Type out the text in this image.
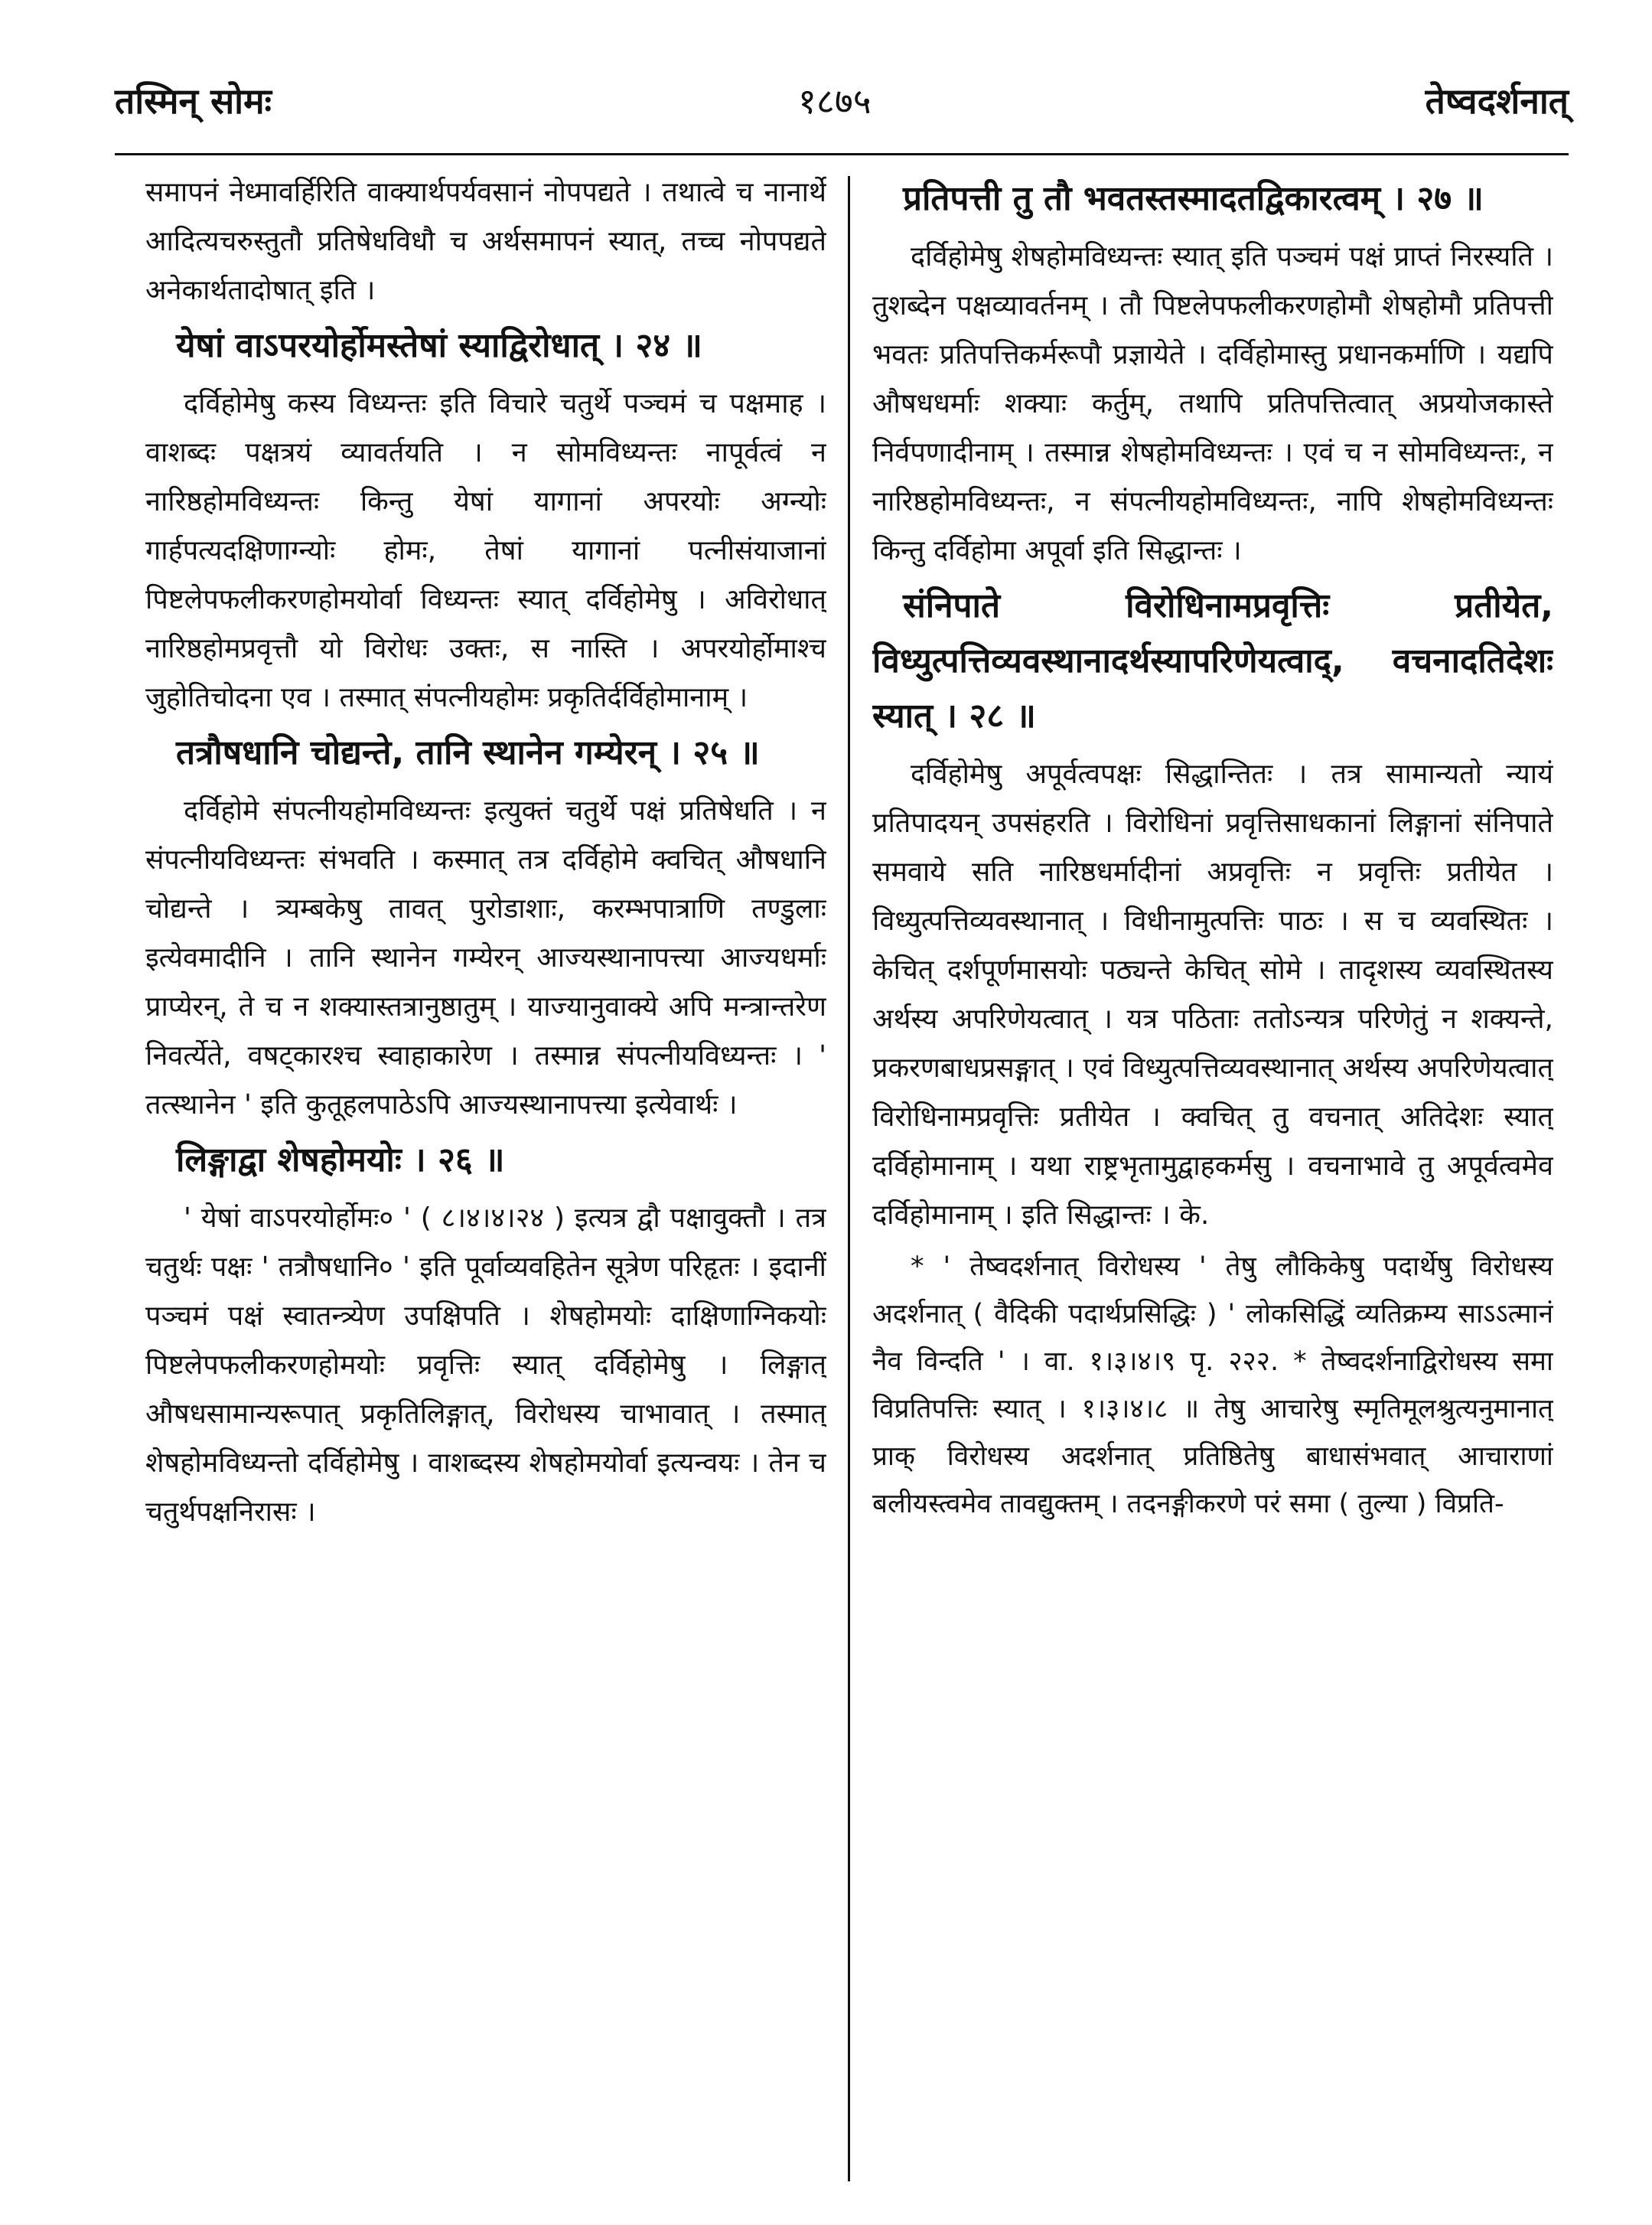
तस्मिन् सोमः	१८७५	तेष्वदर्शनात्

समापनं नेध्मावर्हिरिति वाक्यार्थपर्यवसानं नोपपद्यते । तथात्वे च नानार्थे आदित्यचरुस्तुतौ प्रतिषेधविधौ च अर्थसमापनं स्यात्, तच्च नोपपद्यते अनेकार्थतादोषात् इति ।

येषां वाऽपरयोर्होमस्तेषां स्याद्विरोधात् । २४ ॥

दर्विहोमेषु कस्य विध्यन्तः इति विचारे चतुर्थे पञ्चमं च पक्षमाह । वाशब्दः पक्षत्रयं व्यावर्तयति । न सोमविध्यन्तः नापूर्वत्वं न नारिष्ठहोमविध्यन्तः किन्तु येषां यागानां अपरयोः अग्न्योः गार्हपत्यदक्षिणाग्न्योः होमः, तेषां यागानां पत्नीसंयाजानां पिष्टलेपफलीकरणहोमयोर्वा विध्यन्तः स्यात् दर्विहोमेषु । अविरोधात् नारिष्ठहोमप्रवृत्तौ यो विरोधः उक्तः, स नास्ति । अपरयोर्होमाश्च जुहोतिचोदना एव । तस्मात् संपत्नीयहोमः प्रकृतिर्दर्विहोमानाम् ।

तत्रौषधानि चोद्यन्ते, तानि स्थानेन गम्येरन् । २५ ॥

दर्विहोमे संपत्नीयहोमविध्यन्तः इत्युक्तं चतुर्थे पक्षं प्रतिषेधति । न संपत्नीयविध्यन्तः संभवति । कस्मात् तत्र दर्विहोमे क्वचित् औषधानि चोद्यन्ते । त्र्यम्बकेषु तावत् पुरोडाशाः, करम्भपात्राणि तण्डुलाः इत्येवमादीनि । तानि स्थानेन गम्येरन् आज्यस्थानापत्त्या आज्यधर्माः प्राप्येरन्, ते च न शक्यास्तत्रानुष्ठातुम् । याज्यानुवाक्ये अपि मन्त्रान्तरेण निवर्त्येते, वषट्कारश्च स्वाहाकारेण । तस्मान्न संपत्नीयविध्यन्तः । ' तत्स्थानेन ' इति कुतूहलपाठेऽपि आज्यस्थानापत्त्या इत्येवार्थः ।

लिङ्गाद्वा शेषहोमयोः । २६ ॥

' येषां वाऽपरयोर्होमः० ' ( ८।४।४।२४ ) इत्यत्र द्वौ पक्षावुक्तौ । तत्र चतुर्थः पक्षः ' तत्रौषधानि० ' इति पूर्वाव्यवहितेन सूत्रेण परिहृतः । इदानीं पञ्चमं पक्षं स्वातन्त्र्येण उपक्षिपति । शेषहोमयोः दाक्षिणाग्निकयोः पिष्टलेपफलीकरणहोमयोः प्रवृत्तिः स्यात् दर्विहोमेषु । लिङ्गात् औषधसामान्यरूपात् प्रकृतिलिङ्गात्, विरोधस्य चाभावात् । तस्मात् शेषहोमविध्यन्तो दर्विहोमेषु । वाशब्दस्य शेषहोमयोर्वा इत्यन्वयः । तेन च चतुर्थपक्षनिरासः ।

प्रतिपत्ती तु तौ भवतस्तस्मादतद्विकारत्वम् । २७ ॥

दर्विहोमेषु शेषहोमविध्यन्तः स्यात् इति पञ्चमं पक्षं प्राप्तं निरस्यति । तुशब्देन पक्षव्यावर्तनम् । तौ पिष्टलेपफलीकरणहोमौ शेषहोमौ प्रतिपत्ती भवतः प्रतिपत्तिकर्मरूपौ प्रज्ञायेते । दर्विहोमास्तु प्रधानकर्माणि । यद्यपि औषधधर्माः शक्याः कर्तुम्, तथापि प्रतिपत्तित्वात् अप्रयोजकास्ते निर्वपणादीनाम् । तस्मान्न शेषहोमविध्यन्तः । एवं च न सोमविध्यन्तः, न नारिष्ठहोमविध्यन्तः, न संपत्नीयहोमविध्यन्तः, नापि शेषहोमविध्यन्तः किन्तु दर्विहोमा अपूर्वा इति सिद्धान्तः ।

संनिपाते विरोधिनामप्रवृत्तिः प्रतीयेत, विध्युत्पत्तिव्यवस्थानादर्थस्यापरिणेयत्वाद्, वचनादतिदेशः स्यात् । २८ ॥

दर्विहोमेषु अपूर्वत्वपक्षः सिद्धान्तितः । तत्र सामान्यतो न्यायं प्रतिपादयन् उपसंहरति । विरोधिनां प्रवृत्तिसाधकानां लिङ्गानां संनिपाते समवाये सति नारिष्ठधर्मादीनां अप्रवृत्तिः न प्रवृत्तिः प्रतीयेत । विध्युत्पत्तिव्यवस्थानात् । विधीनामुत्पत्तिः पाठः । स च व्यवस्थितः । केचित् दर्शपूर्णमासयोः पठ्यन्ते केचित् सोमे । तादृशस्य व्यवस्थितस्य अर्थस्य अपरिणेयत्वात् । यत्र पठिताः ततोऽन्यत्र परिणेतुं न शक्यन्ते, प्रकरणबाधप्रसङ्गात् । एवं विध्युत्पत्तिव्यवस्थानात् अर्थस्य अपरिणेयत्वात् विरोधिनामप्रवृत्तिः प्रतीयेत । क्वचित् तु वचनात् अतिदेशः स्यात् दर्विहोमानाम् । यथा राष्ट्रभृतामुद्वाहकर्मसु । वचनाभावे तु अपूर्वत्वमेव दर्विहोमानाम् । इति सिद्धान्तः । के.

* ' तेष्वदर्शनात् विरोधस्य ' तेषु लौकिकेषु पदार्थेषु विरोधस्य अदर्शनात् ( वैदिकी पदार्थप्रसिद्धिः ) ' लोकसिद्धिं व्यतिक्रम्य साऽऽत्मानं नैव विन्दति ' । वा. १।३।४।९ पृ. २२२. * तेष्वदर्शनाद्विरोधस्य समा विप्रतिपत्तिः स्यात् । १।३।४।८ ॥ तेषु आचारेषु स्मृतिमूलश्रुत्यनुमानात् प्राक् विरोधस्य अदर्शनात् प्रतिष्ठितेषु बाधासंभवात् आचाराणां बलीयस्त्वमेव तावद्युक्तम् । तदनङ्गीकरणे परं समा ( तुल्या ) विप्रति-
